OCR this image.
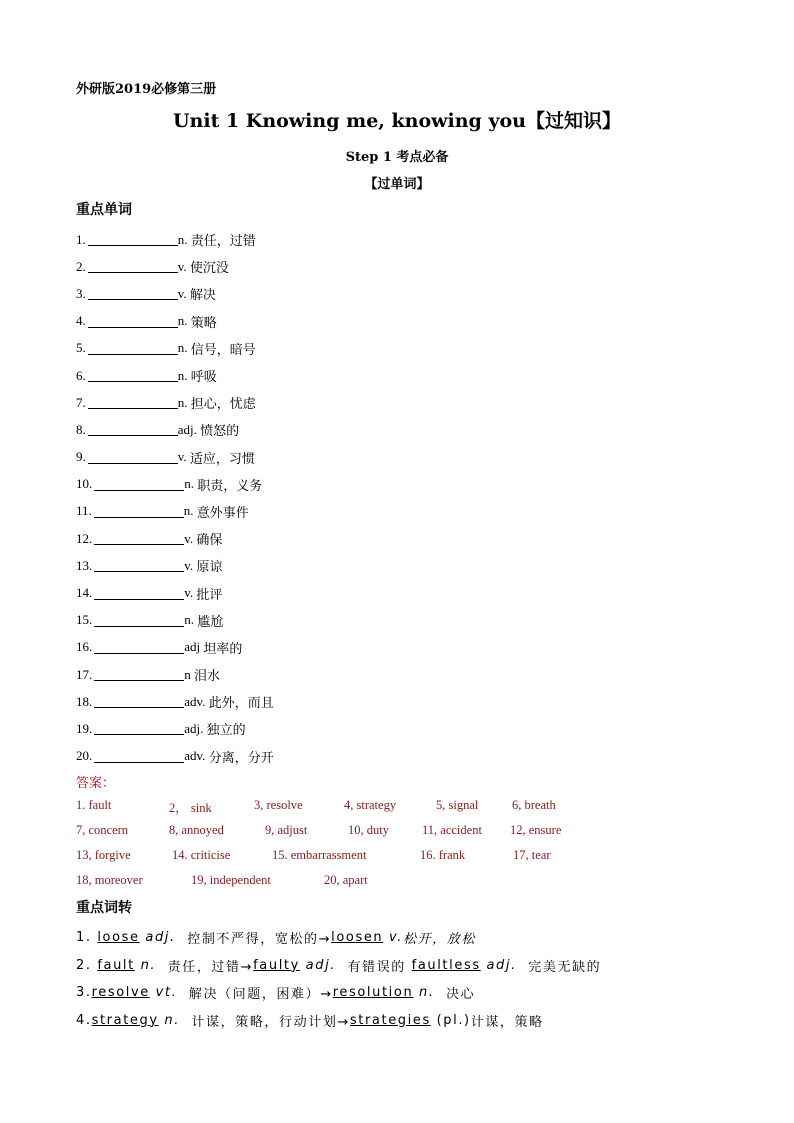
外研版2019必修第三册
Unit 1 Knowing me, knowing you【过知识】
Step 1 考点必备
【过单词】
重点单词
1.	n.
责任，过错
2.	v.
使沉没
3.	v.
解决
4.	n.
策略
5.	n.
信号，暗号
6.	n.
呼吸
7.	n.
担心，忧虑
8.	adj.
愤怒的
9.	v.
适应，习惯
10.	n.
职责，义务
11.	n.
意外事件
12.	v.
确保
13.	v.
原谅
14.	v.
批评
15.	n.
尴尬
16.	adj
坦率的
17.	n
泪水
18.	adv.
此外，而且
19.	adj.
独立的
20.	adv.
分离，分开
答案：
1. fault	2， sink	3, resolve	4, strategy	5, signal	6, breath
7, concern	8, annoyed	9, adjust	10, duty	11, accident 12, ensure
13, forgive	14. criticise	15. embarrassment	16. frank	17, tear
18, moreover	19, independent	20, apart
重点词转
1.
loose
adj.
控制不严得，宽松的→ loosen
v. 松开，放松
2.
fault
n.
责任，过错→ faulty
adj.
有错误的
faultless
adj.
完美无缺的
3. resolve
vt.
解决（问题，困难）→ resolution
n.
决心
4. strategy
n.
计谋，策略，行动计划→ strategies
(pl.) 计谋，策略
